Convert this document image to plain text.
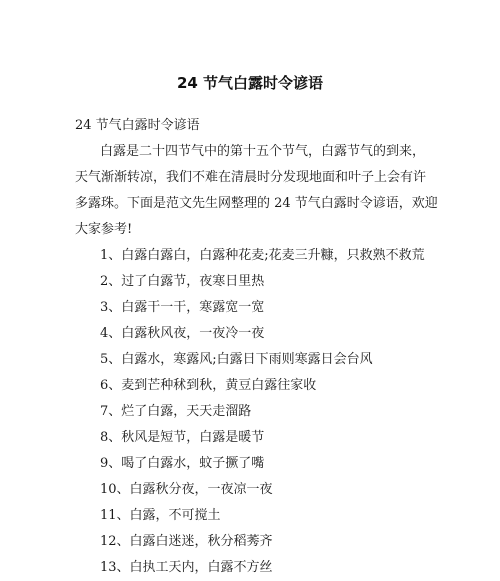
24 节气白露时令谚语
24 节气白露时令谚语
白露是二十四节气中的第十五个节气，白露节气的到来，
天气渐渐转凉，我们不难在清晨时分发现地面和叶子上会有许
多露珠。下面是范文先生网整理的 24 节气白露时令谚语，欢迎
大家参考!
1、白露白露白，白露种花麦;花麦三升糠，只救熟不救荒
2、过了白露节，夜寒日里热
3、白露干一干，寒露宽一宽
4、白露秋风夜，一夜冷一夜
5、白露水，寒露风;白露日下雨则寒露日会台风
6、麦到芒种秫到秋，黄豆白露往家收
7、烂了白露，天天走溜路
8、秋风是短节，白露是暖节
9、喝了白露水，蚊子撅了嘴
10、白露秋分夜，一夜凉一夜
11、白露，不可搅土
12、白露白迷迷，秋分稻莠齐
13、白执工天内，白露不方丝
